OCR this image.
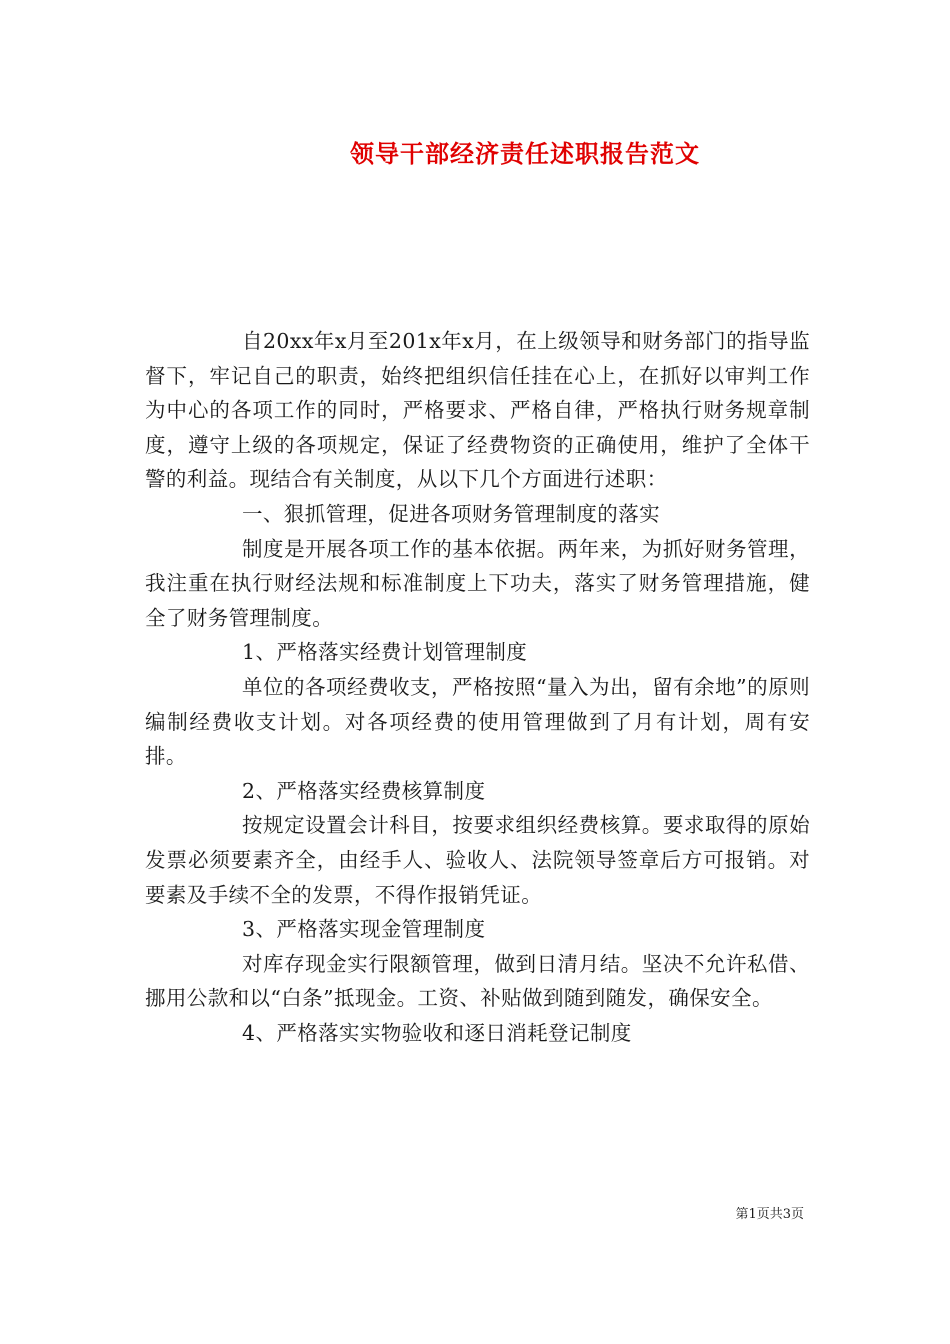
领导干部经济责任述职报告范文

自20xx年x月至201x年x月，在上级领导和财务部门的指导监督下，牢记自己的职责，始终把组织信任挂在心上，在抓好以审判工作为中心的各项工作的同时，严格要求、严格自律，严格执行财务规章制度，遵守上级的各项规定，保证了经费物资的正确使用，维护了全体干警的利益。现结合有关制度，从以下几个方面进行述职：

一、狠抓管理，促进各项财务管理制度的落实

制度是开展各项工作的基本依据。两年来，为抓好财务管理，我注重在执行财经法规和标准制度上下功夫，落实了财务管理措施，健全了财务管理制度。

1、严格落实经费计划管理制度

单位的各项经费收支，严格按照“量入为出，留有余地”的原则编制经费收支计划。对各项经费的使用管理做到了月有计划，周有安排。

2、严格落实经费核算制度

按规定设置会计科目，按要求组织经费核算。要求取得的原始发票必须要素齐全，由经手人、验收人、法院领导签章后方可报销。对要素及手续不全的发票，不得作报销凭证。

3、严格落实现金管理制度

对库存现金实行限额管理，做到日清月结。坚决不允许私借、挪用公款和以“白条”抵现金。工资、补贴做到随到随发，确保安全。

4、严格落实实物验收和逐日消耗登记制度

第1页共3页
